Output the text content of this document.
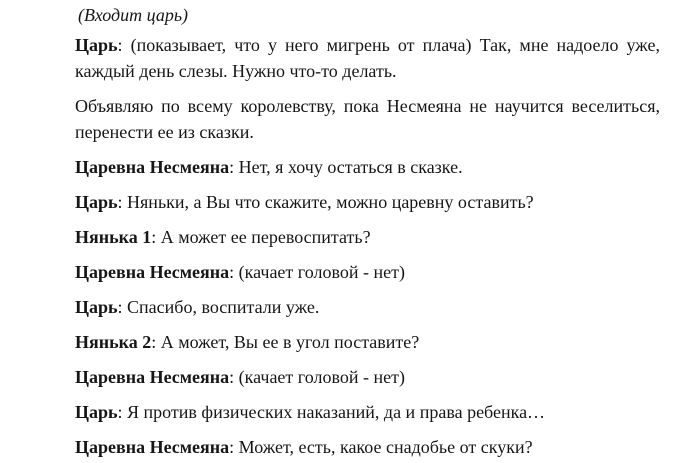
(Входит царь)
Царь: (показывает, что у него мигрень от плача) Так, мне надоело уже,
каждый день слезы. Нужно что-то делать.
Объявляю по всему королевству, пока Несмеяна не научится веселиться,
перенести ее из сказки.
Царевна Несмеяна: Нет, я хочу остаться в сказке.
Царь: Няньки, а Вы что скажите, можно царевну оставить?
Нянька 1: А может ее перевоспитать?
Царевна Несмеяна: (качает головой - нет)
Царь: Спасибо, воспитали уже.
Нянька 2: А может, Вы ее в угол поставите?
Царевна Несмеяна: (качает головой - нет)
Царь: Я против физических наказаний, да и права ребенка…
Царевна Несмеяна: Может, есть, какое снадобье от скуки?
